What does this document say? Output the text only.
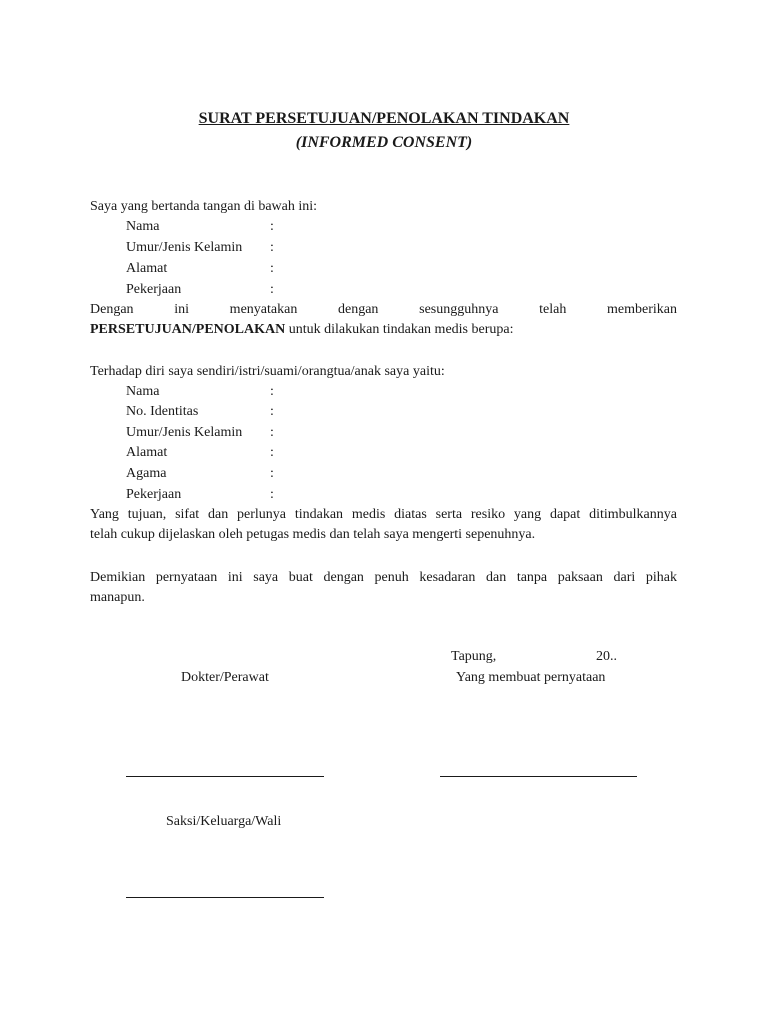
SURAT PERSETUJUAN/PENOLAKAN TINDAKAN
(INFORMED CONSENT)
Saya yang bertanda tangan di bawah ini:
Nama	:
Umur/Jenis Kelamin :
Alamat	:
Pekerjaan	:
Dengan ini menyatakan dengan sesungguhnya telah memberikan
PERSETUJUAN/PENOLAKAN untuk dilakukan tindakan medis berupa:
Terhadap diri saya sendiri/istri/suami/orangtua/anak saya yaitu:
Nama	:
No. Identitas	:
Umur/Jenis Kelamin :
Alamat	:
Agama	:
Pekerjaan	:
Yang tujuan, sifat dan perlunya tindakan medis diatas serta resiko yang dapat ditimbulkannya
telah cukup dijelaskan oleh petugas medis dan telah saya mengerti sepenuhnya.
Demikian pernyataan ini saya buat dengan penuh kesadaran dan tanpa paksaan dari pihak
manapun.
Tapung,	20..
Dokter/Perawat	Yang membuat pernyataan
Saksi/Keluarga/Wali
